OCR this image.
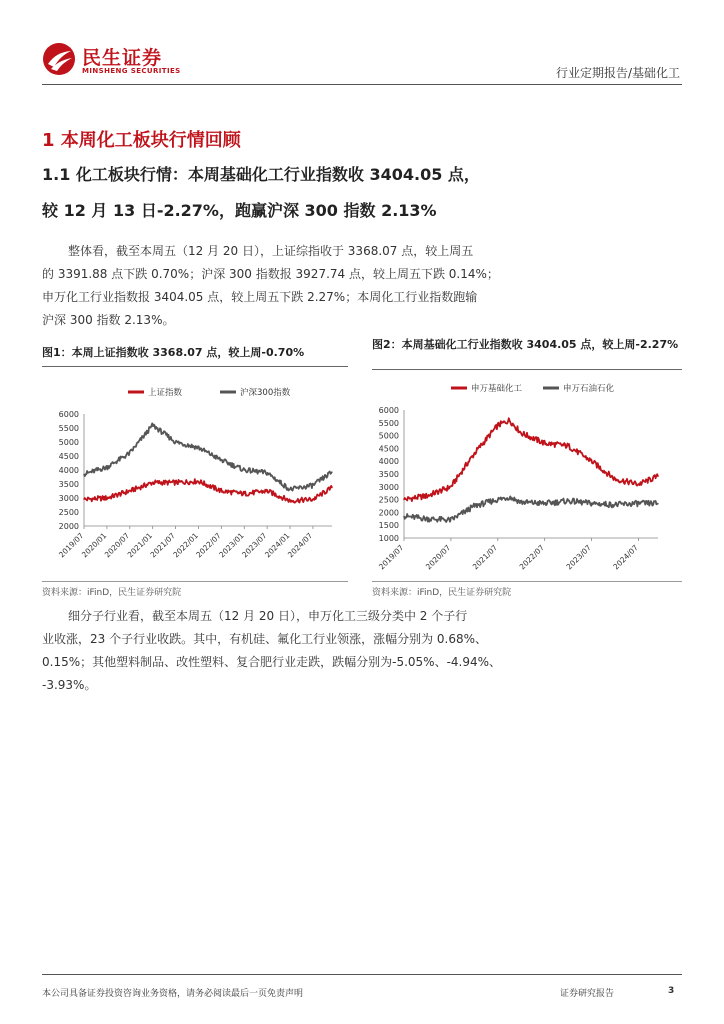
民生证券
MINSHENG SECURITIES	行业定期报告/基础化工
1 本周化工板块行情回顾
1.1 化工板块行情：本周基础化工行业指数收 3404.05 点，
较 12 月 13 日-2.27%，跑赢沪深 300 指数 2.13%
整体看，截至本周五（12 月 20 日），上证综指收于 3368.07 点，较上周五
的 3391.88 点下跌 0.70%；沪深 300 指数报 3927.74 点，较上周五下跌 0.14%；
申万化工行业指数报 3404.05 点，较上周五下跌 2.27%；本周化工行业指数跑输
沪深 300 指数 2.13%。
图1：本周上证指数收 3368.07 点，较上周-0.70%
2000
2500
3000
3500
4000
4500
5000
5500
6000
2019/07
2020/01
2020/07
2021/01
2021/07
2022/01
2022/07
2023/01
2023/07
2024/01
2024/07
上证指数	沪深300指数
资料来源：iFinD，民生证券研究院
图2：本周基础化工行业指数收 3404.05 点，较上周-2.27%
1000
1500
2000
2500
3000
3500
4000
4500
5000
5500
6000
2019/07 2020/07 2021/07 2022/07 2023/07 2024/07
申万基础化工	申万石油石化
资料来源：iFinD，民生证券研究院
细分子行业看，截至本周五（12 月 20 日），申万化工三级分类中 2 个子行
业收涨，23 个子行业收跌。其中，有机硅、氟化工行业领涨，涨幅分别为 0.68%、
0.15%；其他塑料制品、改性塑料、复合肥行业走跌，跌幅分别为-5.05%、-4.94%、
-3.93%。
本公司具备证券投资咨询业务资格，请务必阅读最后一页免责声明	证券研究报告	3
